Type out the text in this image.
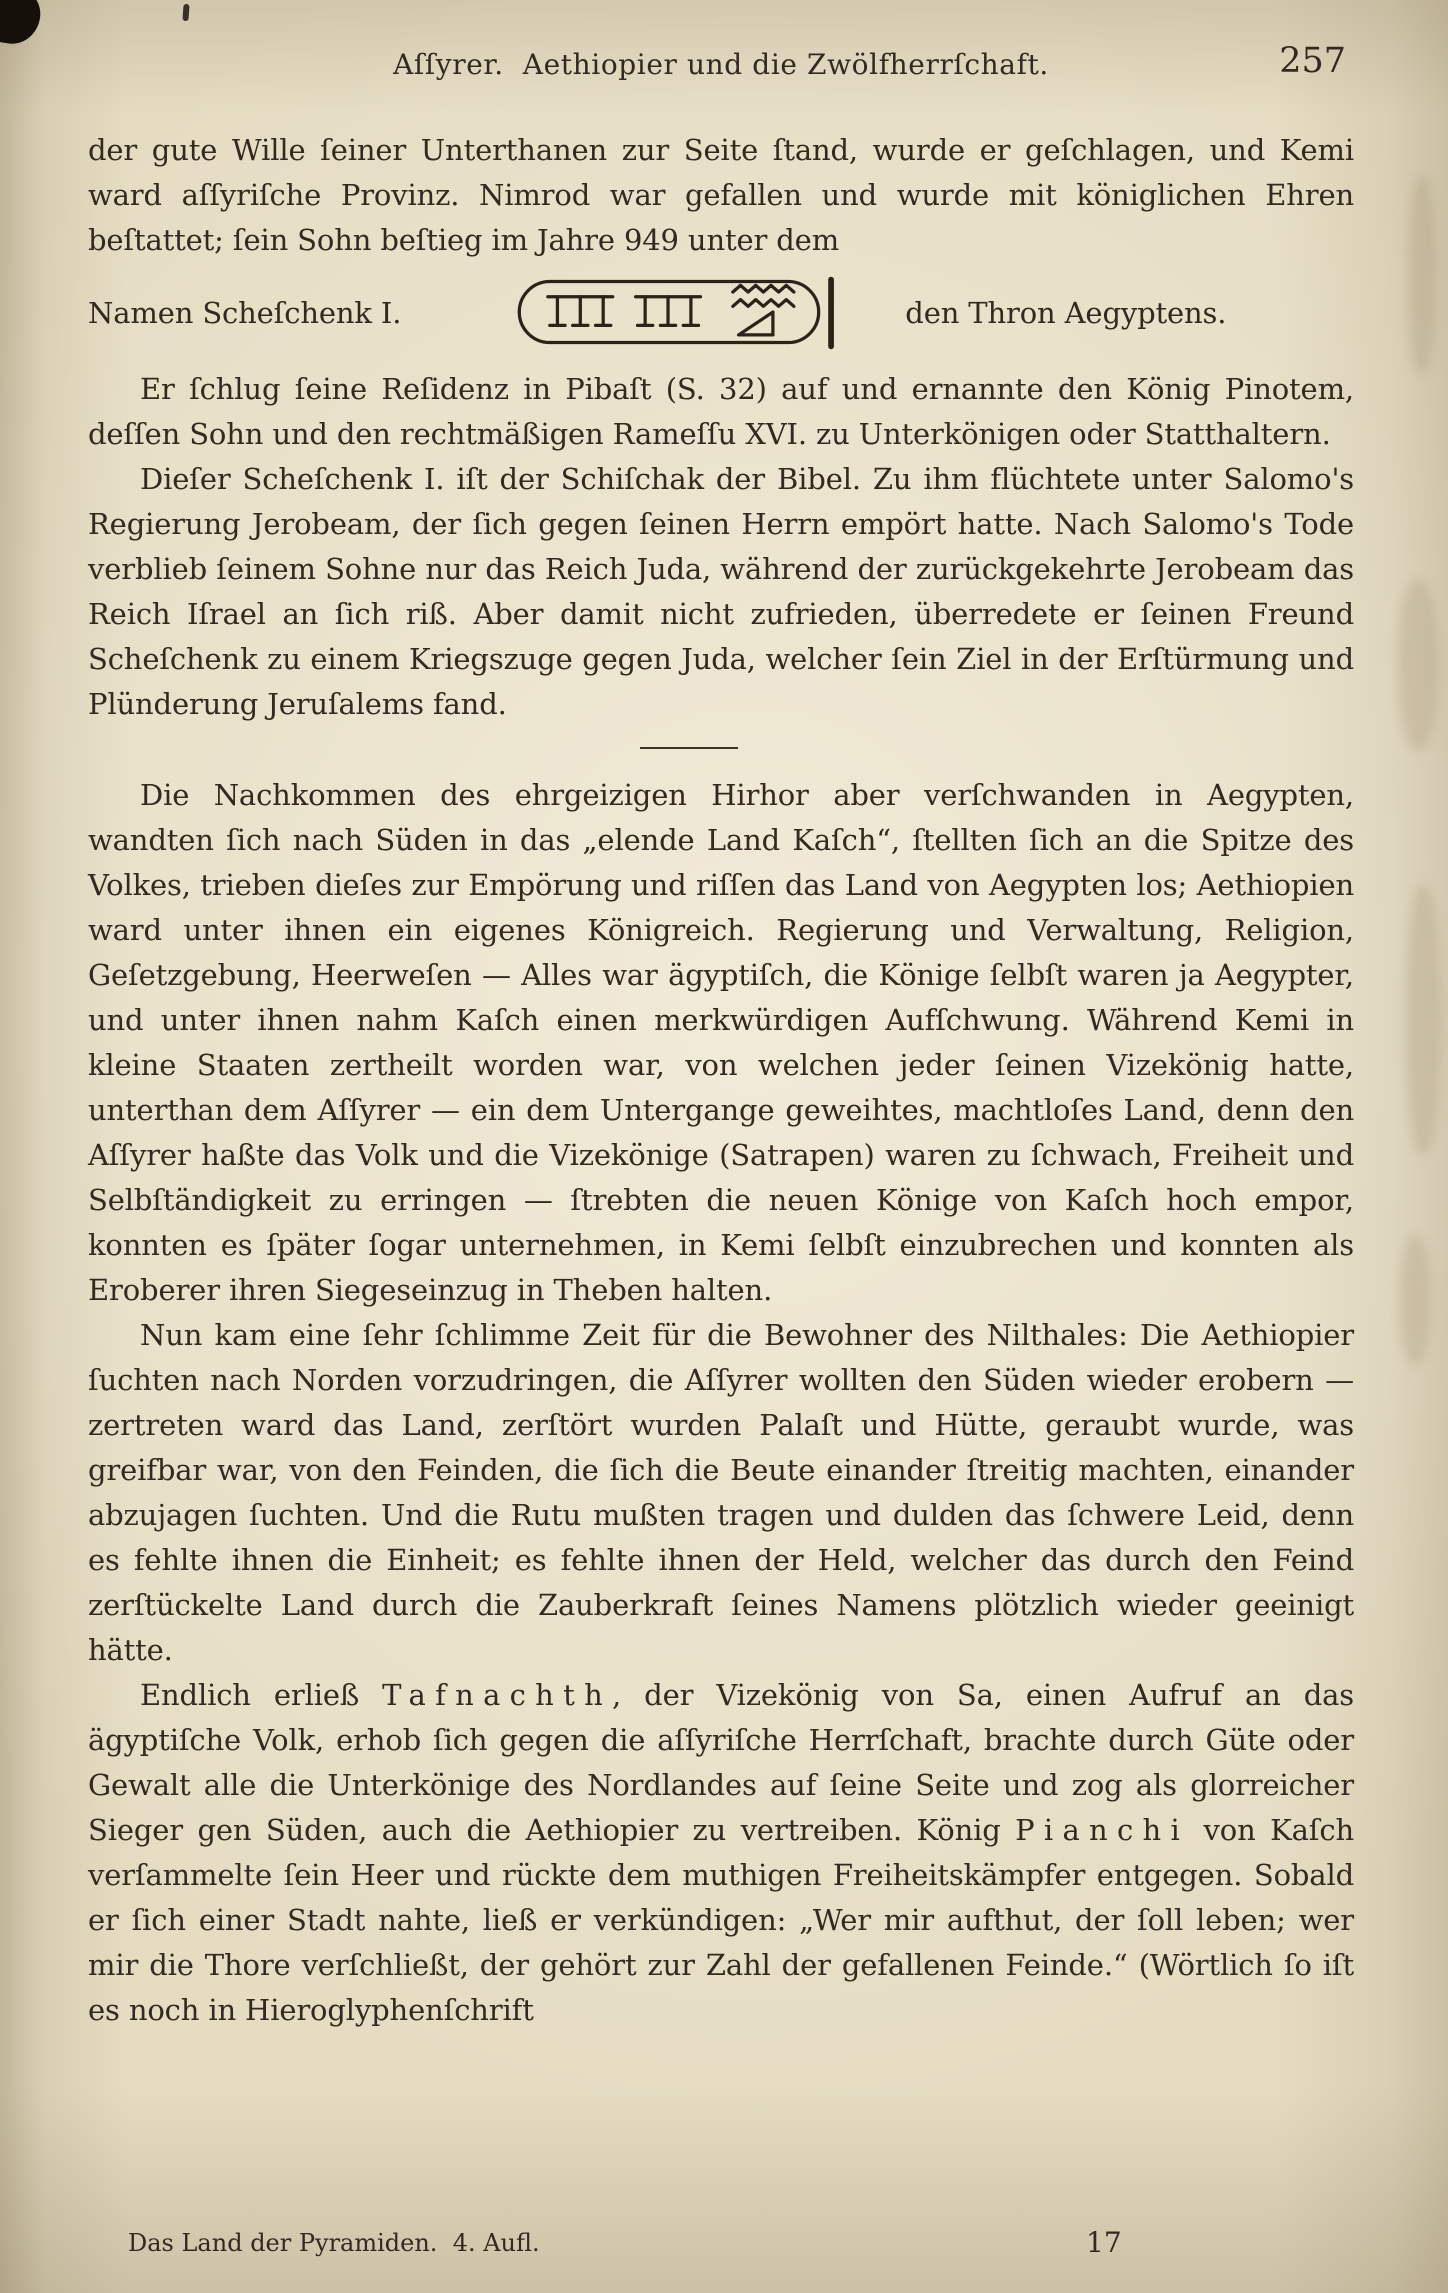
Aſſyrer.  Aethiopier und die Zwölfherrſchaft.	257

der gute Wille ſeiner Unterthanen zur Seite ſtand, wurde er geſchlagen, und Kemi ward aſſyriſche Provinz. Nimrod war gefallen und wurde mit königlichen Ehren beſtattet; ſein Sohn beſtieg im Jahre 949 unter dem

Namen Scheſchenk I.	den Thron Aegyptens.

Er ſchlug ſeine Reſidenz in Pibaſt (S. 32) auf und ernannte den König Pinotem, deſſen Sohn und den rechtmäßigen Rameſſu XVI. zu Unterkönigen oder Statthaltern.

Dieſer Scheſchenk I. iſt der Schiſchak der Bibel. Zu ihm flüchtete unter Salomo's Regierung Jerobeam, der ſich gegen ſeinen Herrn empört hatte. Nach Salomo's Tode verblieb ſeinem Sohne nur das Reich Juda, während der zurückgekehrte Jerobeam das Reich Iſrael an ſich riß. Aber damit nicht zufrieden, überredete er ſeinen Freund Scheſchenk zu einem Kriegszuge gegen Juda, welcher ſein Ziel in der Erſtürmung und Plünderung Jeruſalems fand.

Die Nachkommen des ehrgeizigen Hirhor aber verſchwanden in Aegypten, wandten ſich nach Süden in das „elende Land Kaſch“, ſtellten ſich an die Spitze des Volkes, trieben dieſes zur Empörung und riſſen das Land von Aegypten los; Aethiopien ward unter ihnen ein eigenes Königreich. Regierung und Verwaltung, Religion, Geſetzgebung, Heerweſen — Alles war ägyptiſch, die Könige ſelbſt waren ja Aegypter, und unter ihnen nahm Kaſch einen merkwürdigen Aufſchwung. Während Kemi in kleine Staaten zertheilt worden war, von welchen jeder ſeinen Vizekönig hatte, unterthan dem Aſſyrer — ein dem Untergange geweihtes, machtloſes Land, denn den Aſſyrer haßte das Volk und die Vizekönige (Satrapen) waren zu ſchwach, Freiheit und Selbſtändigkeit zu erringen — ſtrebten die neuen Könige von Kaſch hoch empor, konnten es ſpäter ſogar unternehmen, in Kemi ſelbſt einzubrechen und konnten als Eroberer ihren Siegeseinzug in Theben halten.

Nun kam eine ſehr ſchlimme Zeit für die Bewohner des Nilthales: Die Aethiopier ſuchten nach Norden vorzudringen, die Aſſyrer wollten den Süden wieder erobern — zertreten ward das Land, zerſtört wurden Palaſt und Hütte, geraubt wurde, was greifbar war, von den Feinden, die ſich die Beute einander ſtreitig machten, einander abzujagen ſuchten. Und die Rutu mußten tragen und dulden das ſchwere Leid, denn es fehlte ihnen die Einheit; es fehlte ihnen der Held, welcher das durch den Feind zerſtückelte Land durch die Zauberkraft ſeines Namens plötzlich wieder geeinigt hätte.

Endlich erließ Tafnachth, der Vizekönig von Sa, einen Aufruf an das ägyptiſche Volk, erhob ſich gegen die aſſyriſche Herrſchaft, brachte durch Güte oder Gewalt alle die Unterkönige des Nordlandes auf ſeine Seite und zog als glorreicher Sieger gen Süden, auch die Aethiopier zu vertreiben. König Pianchi von Kaſch verſammelte ſein Heer und rückte dem muthigen Freiheitskämpfer entgegen. Sobald er ſich einer Stadt nahte, ließ er verkündigen: „Wer mir aufthut, der ſoll leben; wer mir die Thore verſchließt, der gehört zur Zahl der gefallenen Feinde.“ (Wörtlich ſo iſt es noch in Hieroglyphenſchrift

Das Land der Pyramiden.  4. Aufl.	17
